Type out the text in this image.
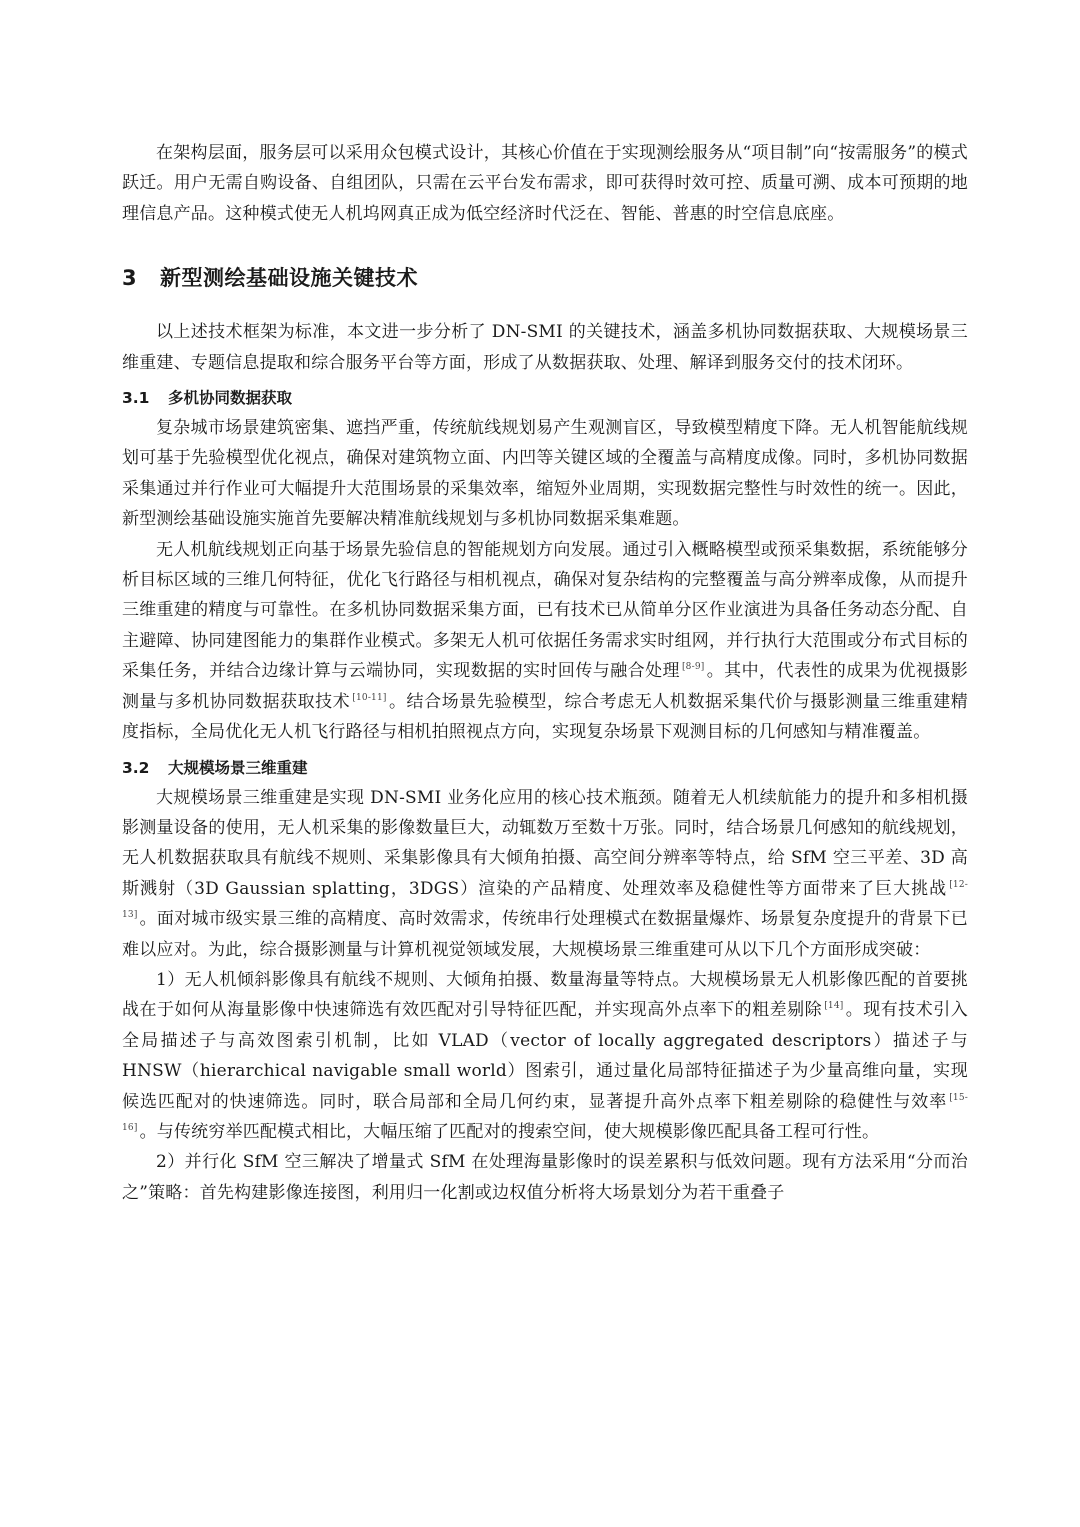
在架构层面，服务层可以采用众包模式设计，其核心价值在于实现测绘服务从“项目制”向“按需服务”的模式跃迁。用户无需自购设备、自组团队，只需在云平台发布需求，即可获得时效可控、质量可溯、成本可预期的地理信息产品。这种模式使无人机坞网真正成为低空经济时代泛在、智能、普惠的时空信息底座。

3 新型测绘基础设施关键技术

以上述技术框架为标准，本文进一步分析了 DN-SMI 的关键技术，涵盖多机协同数据获取、大规模场景三维重建、专题信息提取和综合服务平台等方面，形成了从数据获取、处理、解译到服务交付的技术闭环。

3.1 多机协同数据获取

复杂城市场景建筑密集、遮挡严重，传统航线规划易产生观测盲区，导致模型精度下降。无人机智能航线规划可基于先验模型优化视点，确保对建筑物立面、内凹等关键区域的全覆盖与高精度成像。同时，多机协同数据采集通过并行作业可大幅提升大范围场景的采集效率，缩短外业周期，实现数据完整性与时效性的统一。因此，新型测绘基础设施实施首先要解决精准航线规划与多机协同数据采集难题。

无人机航线规划正向基于场景先验信息的智能规划方向发展。通过引入概略模型或预采集数据，系统能够分析目标区域的三维几何特征，优化飞行路径与相机视点，确保对复杂结构的完整覆盖与高分辨率成像，从而提升三维重建的精度与可靠性。在多机协同数据采集方面，已有技术已从简单分区作业演进为具备任务动态分配、自主避障、协同建图能力的集群作业模式。多架无人机可依据任务需求实时组网，并行执行大范围或分布式目标的采集任务，并结合边缘计算与云端协同，实现数据的实时回传与融合处理 [8-9] 。其中，代表性的成果为优视摄影测量与多机协同数据获取技术 [10-11] 。结合场景先验模型，综合考虑无人机数据采集代价与摄影测量三维重建精度指标，全局优化无人机飞行路径与相机拍照视点方向，实现复杂场景下观测目标的几何感知与精准覆盖。

3.2 大规模场景三维重建

大规模场景三维重建是实现 DN-SMI 业务化应用的核心技术瓶颈。随着无人机续航能力的提升和多相机摄影测量设备的使用，无人机采集的影像数量巨大，动辄数万至数十万张。同时，结合场景几何感知的航线规划，无人机数据获取具有航线不规则、采集影像具有大倾角拍摄、高空间分辨率等特点，给 SfM 空三平差、3D 高斯溅射（3D Gaussian splatting，3DGS）渲染的产品精度、处理效率及稳健性等方面带来了巨大挑战 [12-13] 。面对城市级实景三维的高精度、高时效需求，传统串行处理模式在数据量爆炸、场景复杂度提升的背景下已难以应对。为此，综合摄影测量与计算机视觉领域发展，大规模场景三维重建可从以下几个方面形成突破：

1）无人机倾斜影像具有航线不规则、大倾角拍摄、数量海量等特点。大规模场景无人机影像匹配的首要挑战在于如何从海量影像中快速筛选有效匹配对引导特征匹配，并实现高外点率下的粗差剔除 [14] 。现有技术引入全局描述子与高效图索引机制，比如 VLAD（vector of locally aggregated descriptors）描述子与 HNSW（hierarchical navigable small world）图索引，通过量化局部特征描述子为少量高维向量，实现候选匹配对的快速筛选。同时，联合局部和全局几何约束，显著提升高外点率下粗差剔除的稳健性与效率 [15-16] 。与传统穷举匹配模式相比，大幅压缩了匹配对的搜索空间，使大规模影像匹配具备工程可行性。

2）并行化 SfM 空三解决了增量式 SfM 在处理海量影像时的误差累积与低效问题。现有方法采用“分而治之”策略：首先构建影像连接图，利用归一化割或边权值分析将大场景划分为若干重叠子
